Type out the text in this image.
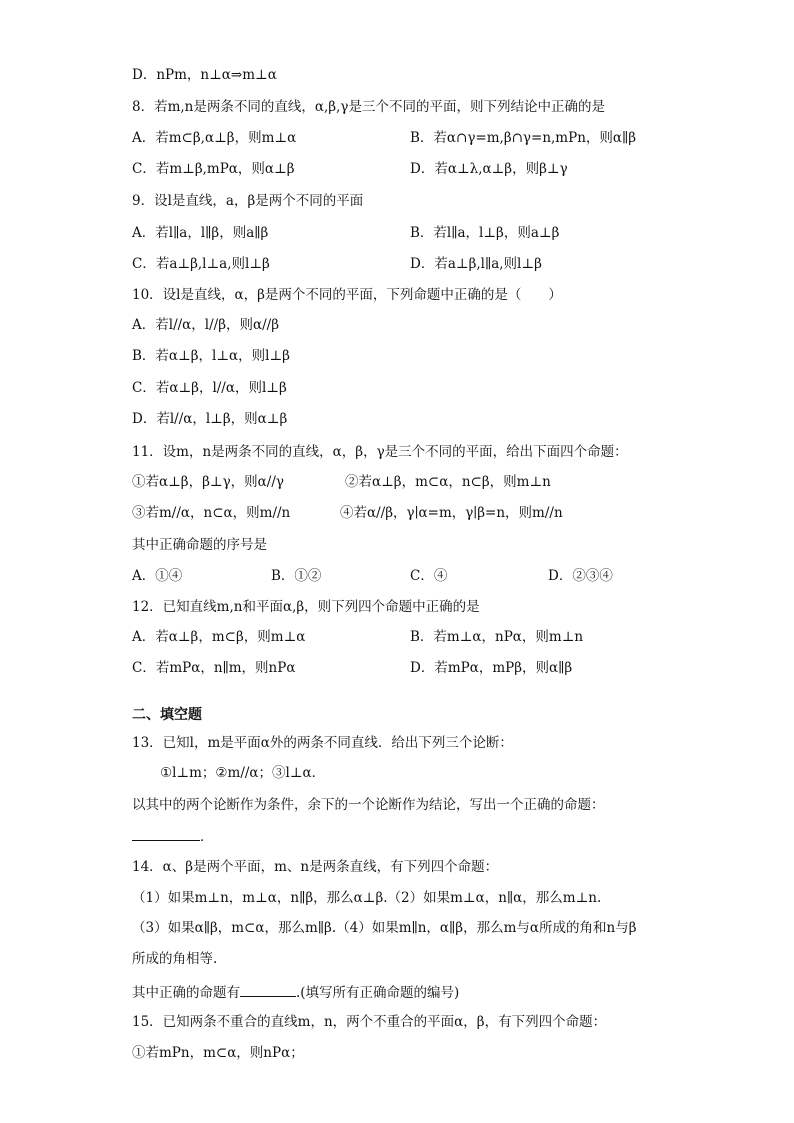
D．nPm，n⊥α⇒m⊥α
8．若m,n是两条不同的直线，α,β,γ是三个不同的平面，则下列结论中正确的是
A．若m⊂β,α⊥β，则m⊥α	B．若α∩γ=m,β∩γ=n,mPn，则α∥β
C．若m⊥β,mPα，则α⊥β	D．若α⊥λ,α⊥β，则β⊥γ
9．设l是直线，a，β是两个不同的平面
A．若l∥a，l∥β，则a∥β	B．若l∥a，l⊥β，则a⊥β
C．若a⊥β,l⊥a,则l⊥β	D．若a⊥β,l∥a,则l⊥β
10．设l是直线，α，β是两个不同的平面，下列命题中正确的是（　　）
A．若l//α，l//β，则α//β
B．若α⊥β，l⊥α，则l⊥β
C．若α⊥β，l//α，则l⊥β
D．若l//α，l⊥β，则α⊥β
11．设m，n是两条不同的直线，α，β，γ是三个不同的平面，给出下面四个命题：
①若α⊥β，β⊥γ，则α//γ	②若α⊥β，m⊂α，n⊂β，则m⊥n
③若m//α，n⊂α，则m//n	④若α//β，γ∣α=m，γ∣β=n，则m//n
其中正确命题的序号是
A．①④	B．①②	C．④	D．②③④
12．已知直线m,n和平面α,β，则下列四个命题中正确的是
A．若α⊥β，m⊂β，则m⊥α	B．若m⊥α，nPα，则m⊥n
C．若mPα，n∥m，则nPα	D．若mPα，mPβ，则α∥β
二、填空题
13．已知l，m是平面α外的两条不同直线．给出下列三个论断：
①l⊥m；②m//α；③l⊥α．
以其中的两个论断作为条件，余下的一个论断作为结论，写出一个正确的命题：
．
14．α、β是两个平面，m、n是两条直线，有下列四个命题：
（1）如果m⊥n，m⊥α，n∥β，那么α⊥β.（2）如果m⊥α，n∥α，那么m⊥n.
（3）如果α∥β，m⊂α，那么m∥β.（4）如果m∥n，α∥β，那么m与α所成的角和n与β
所成的角相等.
其中正确的命题有	.(填写所有正确命题的编号)
15．已知两条不重合的直线m，n，两个不重合的平面α，β，有下列四个命题：
①若mPn，m⊂α，则nPα；
